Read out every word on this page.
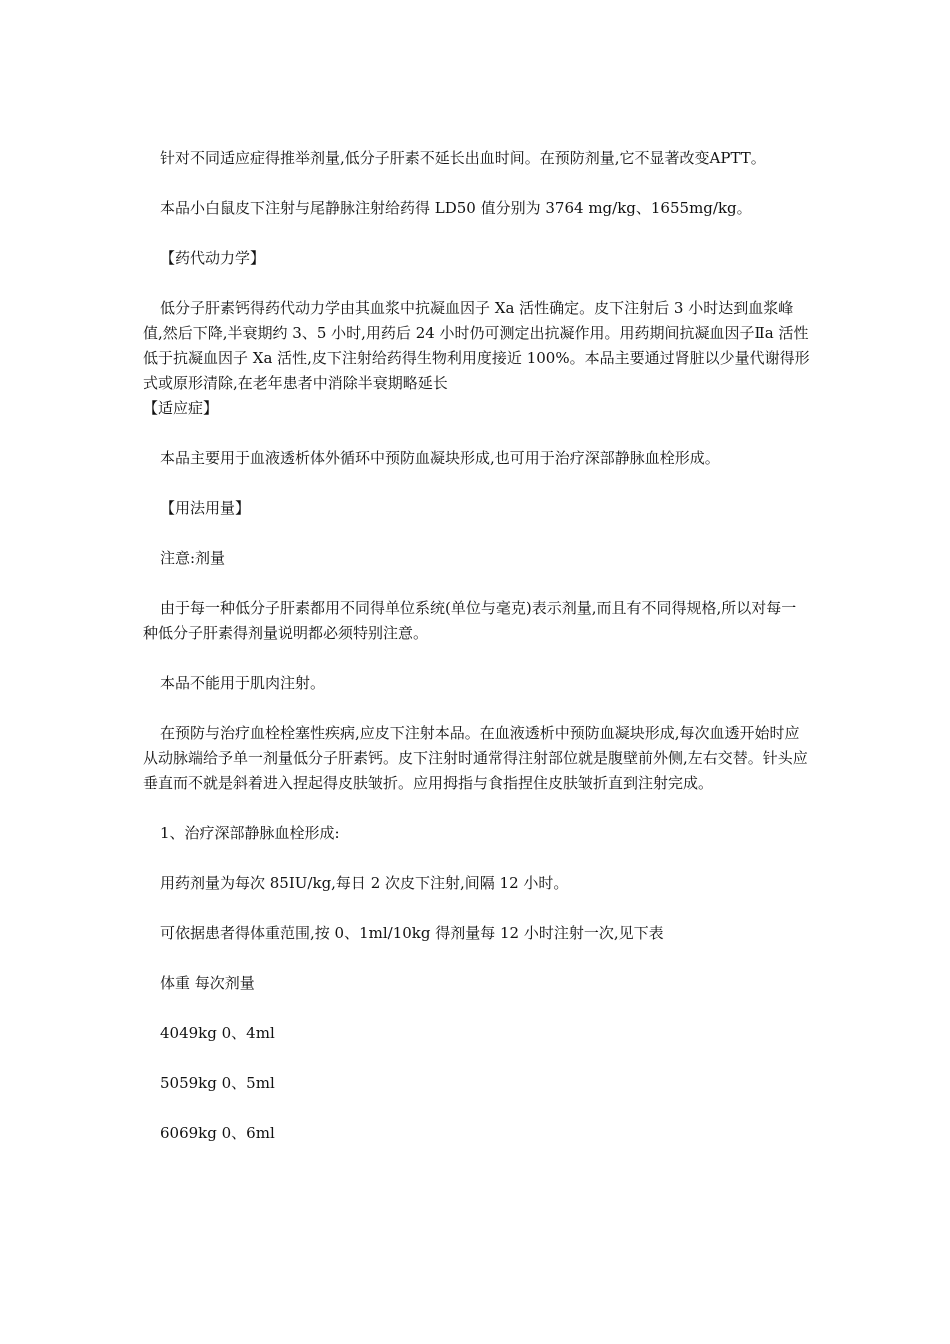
针对不同适应症得推举剂量,低分子肝素不延长出血时间。在预防剂量,它不显著改变APTT。

本品小白鼠皮下注射与尾静脉注射给药得 LD50 值分别为 3764 mg/kg、1655mg/kg。

【药代动力学】

低分子肝素钙得药代动力学由其血浆中抗凝血因子 Xa 活性确定。皮下注射后 3 小时达到血浆峰值,然后下降,半衰期约 3、5 小时,用药后 24 小时仍可测定出抗凝作用。用药期间抗凝血因子Ⅱa 活性低于抗凝血因子 Xa 活性,皮下注射给药得生物利用度接近 100%。本品主要通过肾脏以少量代谢得形式或原形清除,在老年患者中消除半衰期略延长

【适应症】

本品主要用于血液透析体外循环中预防血凝块形成,也可用于治疗深部静脉血栓形成。

【用法用量】

注意:剂量

由于每一种低分子肝素都用不同得单位系统(单位与毫克)表示剂量,而且有不同得规格,所以对每一种低分子肝素得剂量说明都必须特别注意。

本品不能用于肌肉注射。

在预防与治疗血栓栓塞性疾病,应皮下注射本品。在血液透析中预防血凝块形成,每次血透开始时应从动脉端给予单一剂量低分子肝素钙。皮下注射时通常得注射部位就是腹壁前外侧,左右交替。针头应垂直而不就是斜着进入捏起得皮肤皱折。应用拇指与食指捏住皮肤皱折直到注射完成。

1、治疗深部静脉血栓形成:

用药剂量为每次 85IU/kg,每日 2 次皮下注射,间隔 12 小时。

可依据患者得体重范围,按 0、1ml/10kg 得剂量每 12 小时注射一次,见下表

体重 每次剂量

4049kg 0、4ml

5059kg 0、5ml

6069kg 0、6ml
